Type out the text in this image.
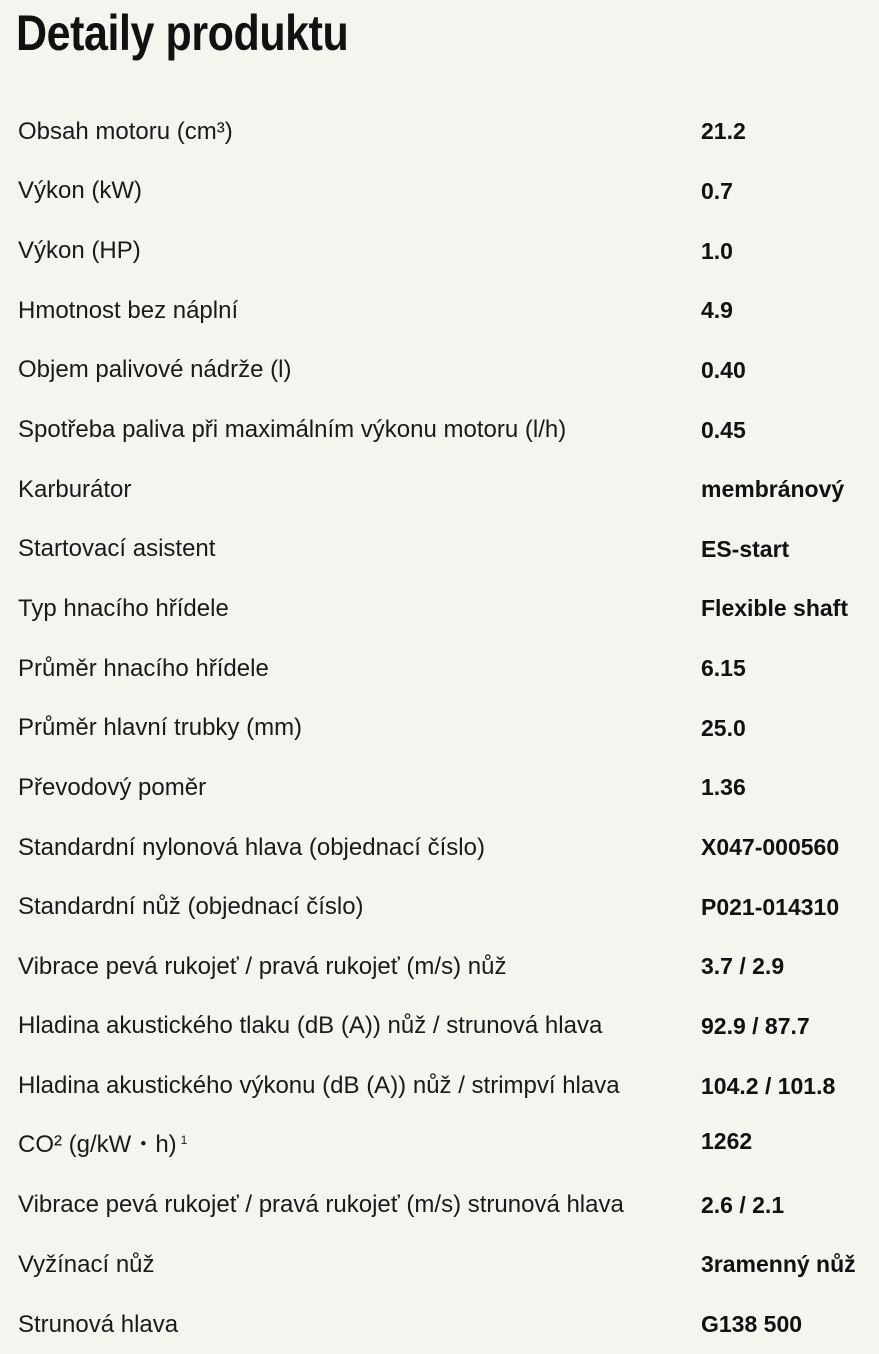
Detaily produktu
Obsah motoru (cm³)	21.2
Výkon (kW)	0.7
Výkon (HP)	1.0
Hmotnost bez náplní	4.9
Objem palivové nádrže (l)	0.40
Spotřeba paliva při maximálním výkonu motoru (l/h)	0.45
Karburátor	membránový
Startovací asistent	ES-start
Typ hnacího hřídele	Flexible shaft
Průměr hnacího hřídele	6.15
Průměr hlavní trubky (mm)	25.0
Převodový poměr	1.36
Standardní nylonová hlava (objednací číslo)	X047-000560
Standardní nůž (objednací číslo)	P021-014310
Vibrace pevá rukojeť / pravá rukojeť (m/s) nůž	3.7 / 2.9
Hladina akustického tlaku (dB (A)) nůž / strunová hlava	92.9 / 87.7
Hladina akustického výkonu (dB (A)) nůž / strimpví hlava	104.2 / 101.8
CO² (g/kW・h) $^1$	1262
Vibrace pevá rukojeť / pravá rukojeť (m/s) strunová hlava	2.6 / 2.1
Vyžínací nůž	3ramenný nůž
Strunová hlava	G138 500
